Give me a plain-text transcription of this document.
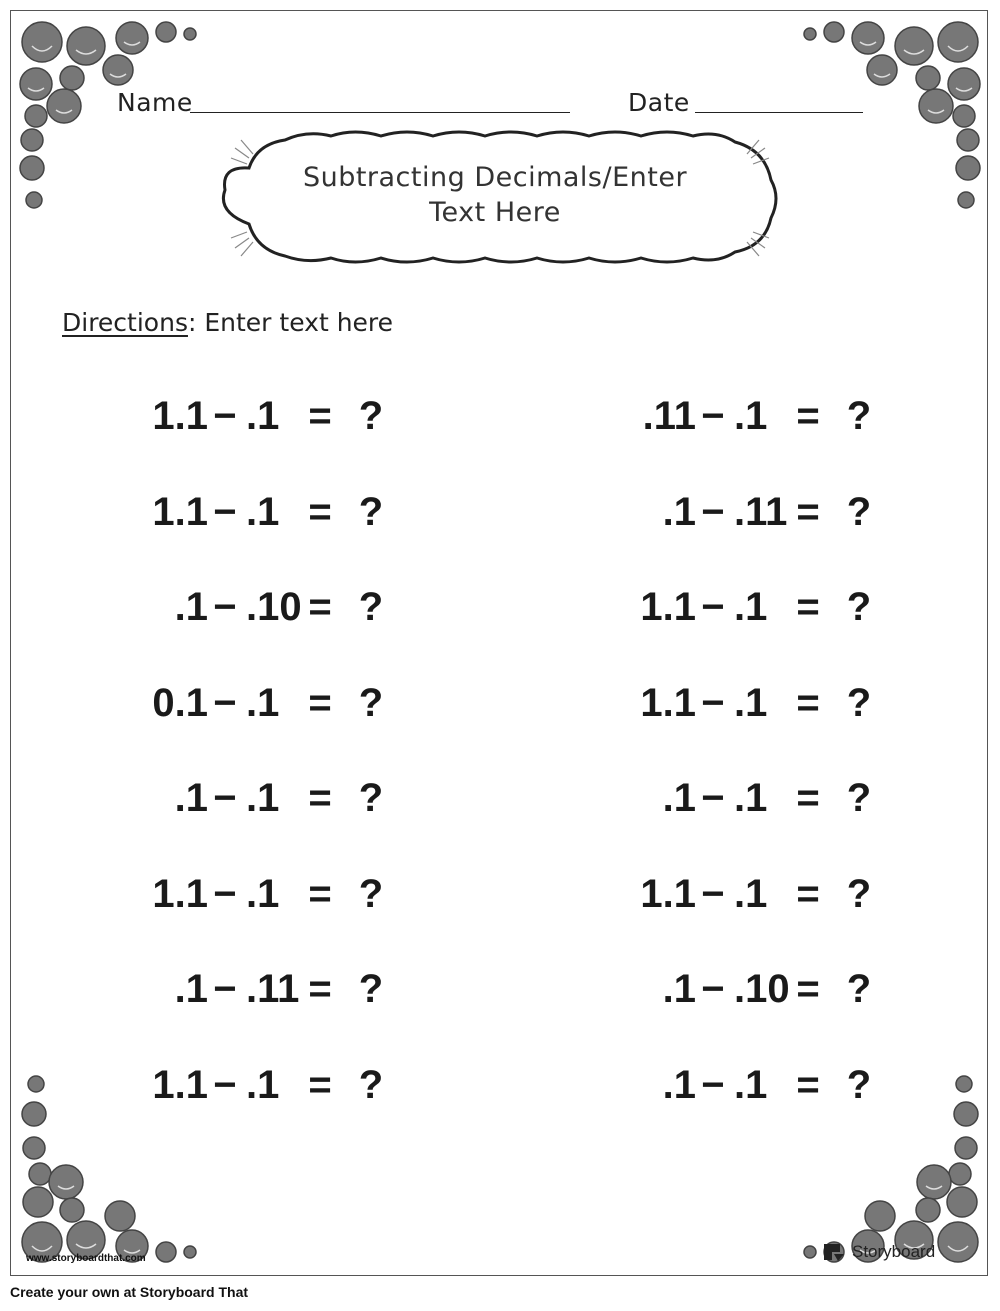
Name	Date
Subtracting Decimals/Enter
Text Here
Directions: Enter text here
1.1 − .1 = ?
1.1 − .1 = ?
.1 − .10 = ?
0.1 − .1 = ?
.1 − .1 = ?
1.1 − .1 = ?
.1 − .11 = ?
1.1 − .1 = ?
.11 − .1 = ?
.1 − .11 = ?
1.1 − .1 = ?
1.1 − .1 = ?
.1 − .1 = ?
1.1 − .1 = ?
.1 − .10 = ?
.1 − .1 = ?
www.storyboardthat.com	Storyboard
Create your own at Storyboard That
